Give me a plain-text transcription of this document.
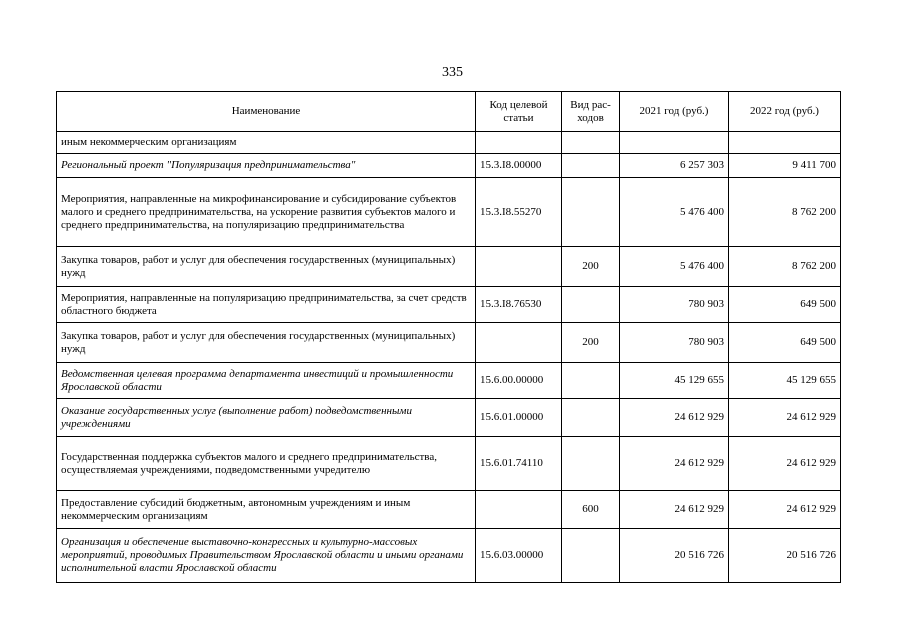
335
Наименование	Код целевой статьи	Вид рас-ходов	2021 год (руб.)	2022 год (руб.)
иным некоммерческим организациям				
Региональный проект "Популяризация предпринимательства"	15.3.I8.00000		6 257 303	9 411 700
Мероприятия, направленные на микрофинансирование и субсидирование субъектов малого и среднего предпринимательства, на ускорение развития субъектов малого и среднего предпринимательства, на популяризацию предпринимательства	15.3.I8.55270		5 476 400	8 762 200
Закупка товаров, работ и услуг для обеспечения государственных (муниципальных) нужд		200	5 476 400	8 762 200
Мероприятия, направленные на популяризацию предпринимательства, за счет средств областного бюджета	15.3.I8.76530		780 903	649 500
Закупка товаров, работ и услуг для обеспечения государственных (муниципальных) нужд		200	780 903	649 500
Ведомственная целевая программа департамента инвестиций и промышленности Ярославской области	15.6.00.00000		45 129 655	45 129 655
Оказание государственных услуг (выполнение работ) подведомственными учреждениями	15.6.01.00000		24 612 929	24 612 929
Государственная поддержка субъектов малого и среднего предпринимательства, осуществляемая учреждениями, подведомственными учредителю	15.6.01.74110		24 612 929	24 612 929
Предоставление субсидий бюджетным, автономным учреждениям и иным некоммерческим организациям		600	24 612 929	24 612 929
Организация и обеспечение выставочно-конгрессных и культурно-массовых мероприятий, проводимых Правительством Ярославской области и иными органами исполнительной власти Ярославской области	15.6.03.00000		20 516 726	20 516 726
